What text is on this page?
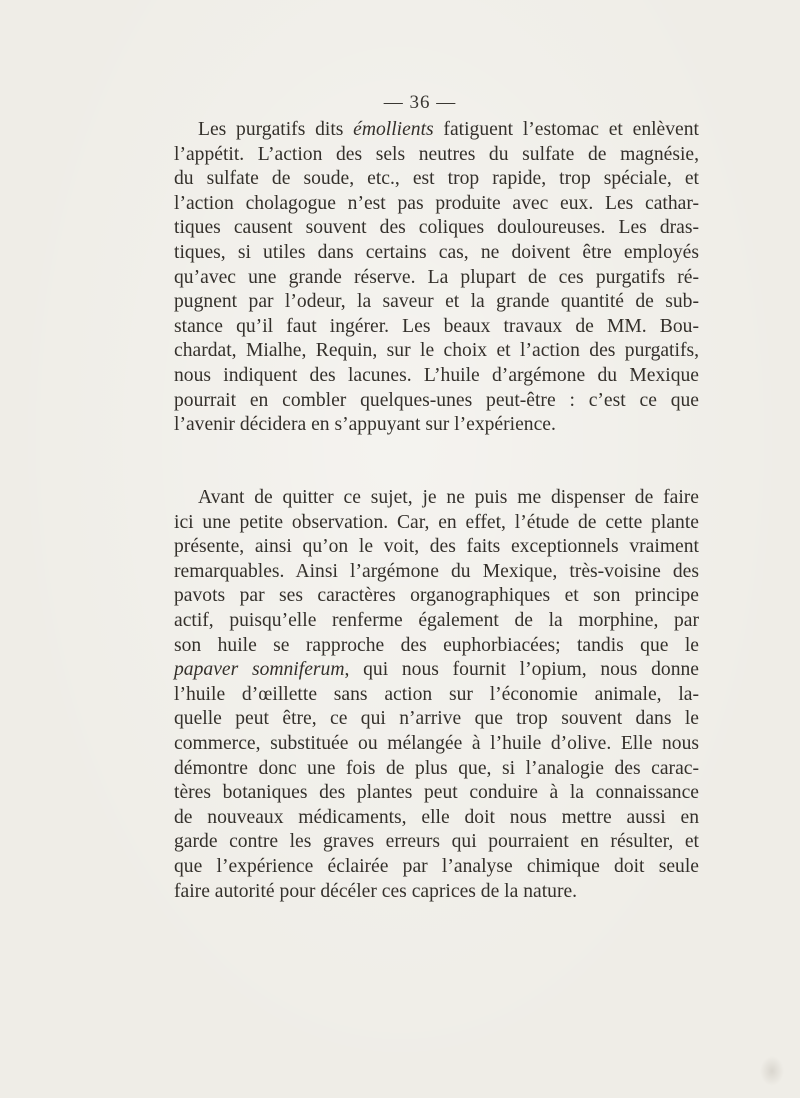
— 36 —
Les purgatifs dits émollients fatiguent l’estomac et enlèvent
l’appétit. L’action des sels neutres du sulfate de magnésie,
du sulfate de soude, etc., est trop rapide, trop spéciale, et
l’action cholagogue n’est pas produite avec eux. Les cathar-
tiques causent souvent des coliques douloureuses. Les dras-
tiques, si utiles dans certains cas, ne doivent être employés
qu’avec une grande réserve. La plupart de ces purgatifs ré-
pugnent par l’odeur, la saveur et la grande quantité de sub-
stance qu’il faut ingérer. Les beaux travaux de MM. Bou-
chardat, Mialhe, Requin, sur le choix et l’action des purgatifs,
nous indiquent des lacunes. L’huile d’argémone du Mexique
pourrait en combler quelques-unes peut-être : c’est ce que
l’avenir décidera en s’appuyant sur l’expérience.
Avant de quitter ce sujet, je ne puis me dispenser de faire
ici une petite observation. Car, en effet, l’étude de cette plante
présente, ainsi qu’on le voit, des faits exceptionnels vraiment
remarquables. Ainsi l’argémone du Mexique, très-voisine des
pavots par ses caractères organographiques et son principe
actif, puisqu’elle renferme également de la morphine, par
son huile se rapproche des euphorbiacées; tandis que le
papaver somniferum, qui nous fournit l’opium, nous donne
l’huile d’œillette sans action sur l’économie animale, la-
quelle peut être, ce qui n’arrive que trop souvent dans le
commerce, substituée ou mélangée à l’huile d’olive. Elle nous
démontre donc une fois de plus que, si l’analogie des carac-
tères botaniques des plantes peut conduire à la connaissance
de nouveaux médicaments, elle doit nous mettre aussi en
garde contre les graves erreurs qui pourraient en résulter, et
que l’expérience éclairée par l’analyse chimique doit seule
faire autorité pour décéler ces caprices de la nature.
